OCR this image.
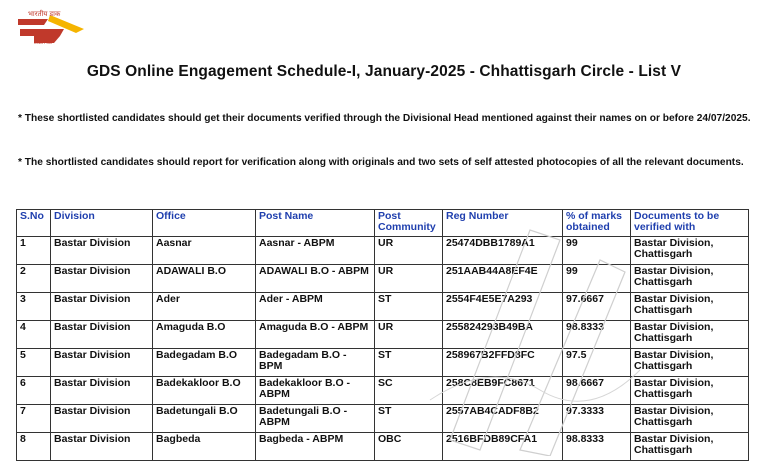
भारतीय डाक
India Post
GDS Online Engagement Schedule-I, January-2025 - Chhattisgarh Circle - List V
* These shortlisted candidates should get their documents verified through the Divisional Head mentioned against their names on or before 24/07/2025.
* The shortlisted candidates should report for verification along with originals and two sets of self attested photocopies of all the relevant documents.
S.No	Division	Office	Post Name	Post Community	Reg Number	% of marks obtained	Documents to be verified with
1	Bastar Division	Aasnar	Aasnar - ABPM	UR	25474DBB1789A1	99	Bastar Division, Chattisgarh
2	Bastar Division	ADAWALI B.O	ADAWALI B.O - ABPM	UR	251AAB44A8EF4E	99	Bastar Division, Chattisgarh
3	Bastar Division	Ader	Ader - ABPM	ST	2554F4E5E7A293	97.6667	Bastar Division, Chattisgarh
4	Bastar Division	Amaguda B.O	Amaguda B.O - ABPM	UR	255824293B49BA	98.8333	Bastar Division, Chattisgarh
5	Bastar Division	Badegadam B.O	Badegadam B.O - BPM	ST	258967B2FFD8FC	97.5	Bastar Division, Chattisgarh
6	Bastar Division	Badekakloor B.O	Badekakloor B.O - ABPM	SC	258C8EB9FC8671	98.6667	Bastar Division, Chattisgarh
7	Bastar Division	Badetungali B.O	Badetungali B.O - ABPM	ST	2557AB4CADF8B2	97.3333	Bastar Division, Chattisgarh
8	Bastar Division	Bagbeda	Bagbeda - ABPM	OBC	2516BFDB89CFA1	98.8333	Bastar Division, Chattisgarh
